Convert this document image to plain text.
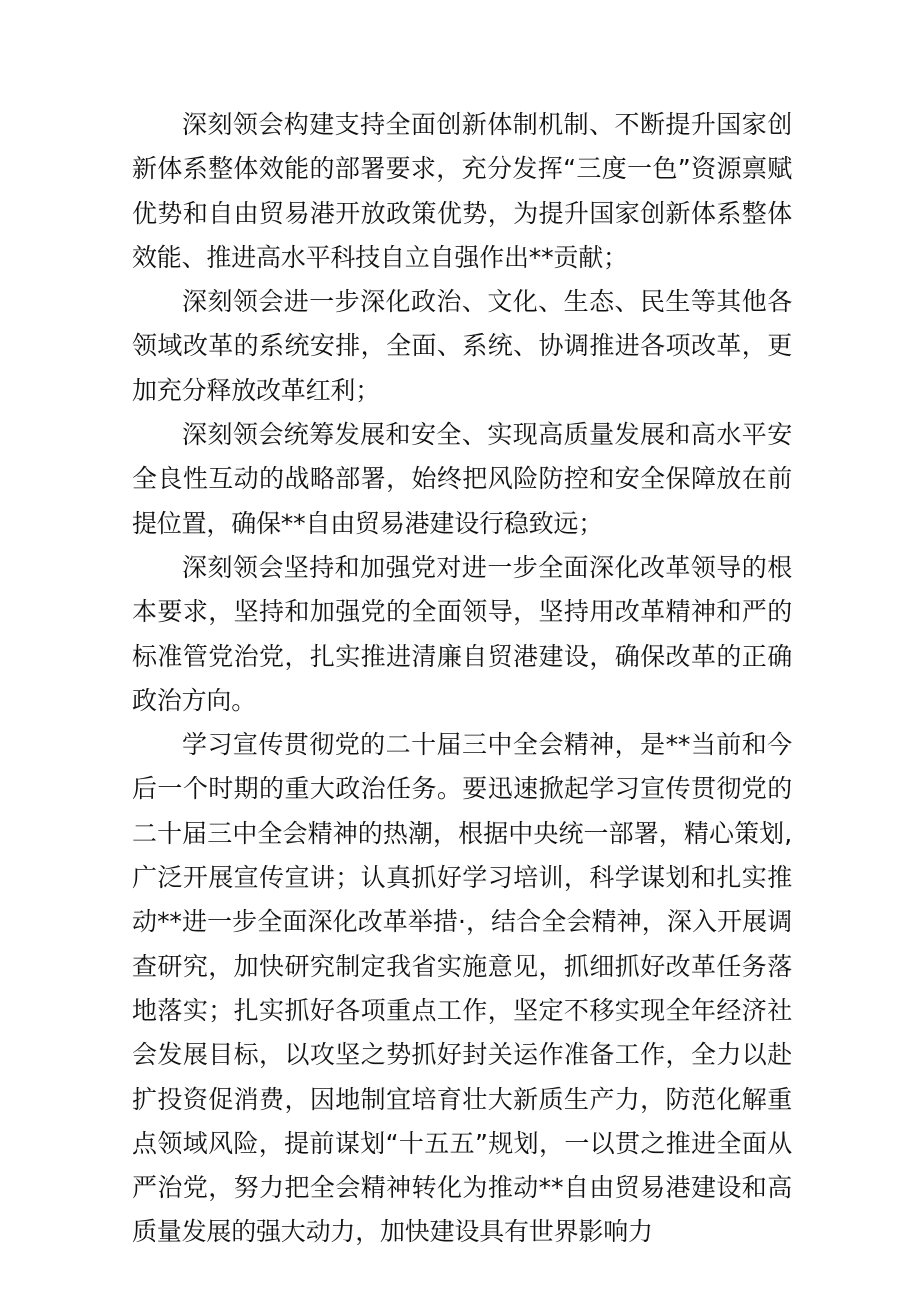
深刻领会构建支持全面创新体制机制、不断提升国家创新体系整体效能的部署要求，充分发挥“三度一色”资源禀赋优势和自由贸易港开放政策优势，为提升国家创新体系整体效能、推进高水平科技自立自强作出**贡献；

深刻领会进一步深化政治、文化、生态、民生等其他各领域改革的系统安排，全面、系统、协调推进各项改革，更加充分释放改革红利；

深刻领会统筹发展和安全、实现高质量发展和高水平安全良性互动的战略部署，始终把风险防控和安全保障放在前提位置，确保**自由贸易港建设行稳致远；

深刻领会坚持和加强党对进一步全面深化改革领导的根本要求，坚持和加强党的全面领导，坚持用改革精神和严的标准管党治党，扎实推进清廉自贸港建设，确保改革的正确政治方向。

学习宣传贯彻党的二十届三中全会精神，是**当前和今后一个时期的重大政治任务。要迅速掀起学习宣传贯彻党的二十届三中全会精神的热潮，根据中央统一部署，精心策划,广泛开展宣传宣讲；认真抓好学习培训，科学谋划和扎实推动**进一步全面深化改革举措·，结合全会精神，深入开展调查研究，加快研究制定我省实施意见，抓细抓好改革任务落地落实；扎实抓好各项重点工作，坚定不移实现全年经济社会发展目标，以攻坚之势抓好封关运作准备工作，全力以赴扩投资促消费，因地制宜培育壮大新质生产力，防范化解重点领域风险，提前谋划“十五五”规划，一以贯之推进全面从严治党，努力把全会精神转化为推动**自由贸易港建设和高质量发展的强大动力，加快建设具有世界影响力
